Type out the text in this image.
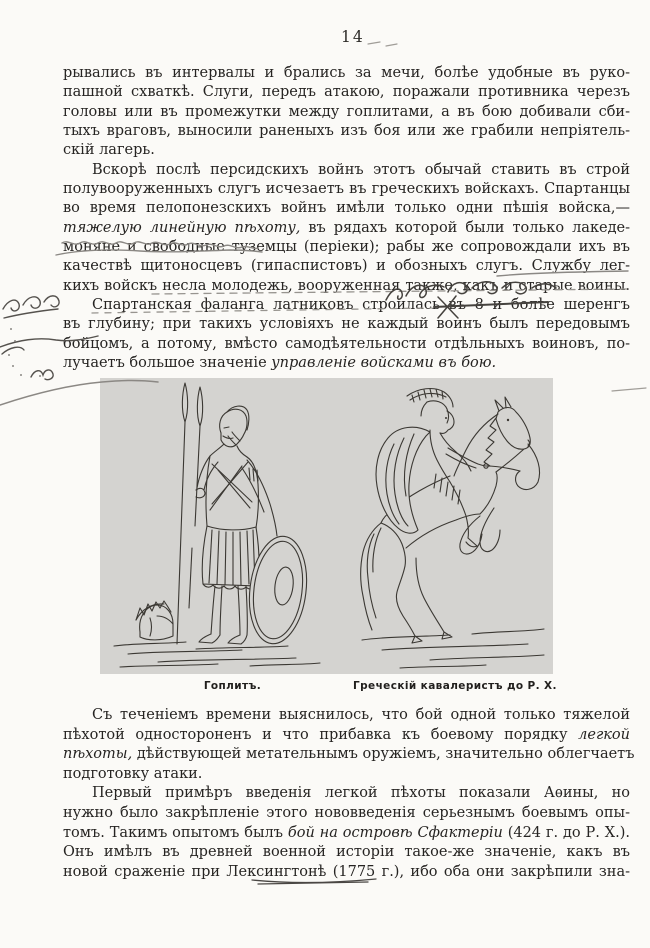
14
рывались въ интервалы и брались за мечи, болѣе удобные въ руко-
пашной схваткѣ. Слуги, передъ атакою, поражали противника черезъ
головы или въ промежутки между гоплитами, а въ бою добивали сби-
тыхъ враговъ, выносили раненыхъ изъ боя или же грабили непріятель-
скій лагерь.
Вскорѣ послѣ персидскихъ войнъ этотъ обычай ставить въ строй
полувооруженныхъ слугъ исчезаетъ въ греческихъ войскахъ. Спартанцы
во время пелопонезскихъ войнъ имѣли только одни пѣшія войска,—
тяжелую линейную пѣхоту, въ рядахъ которой были только лакеде-
моняне и свободные туземцы (періеки); рабы же сопровождали ихъ въ
качествѣ щитоносцевъ (гипаспистовъ) и обозныхъ слугъ. Службу лег-
кихъ войскъ несла молодежь, вооруженная также, какъ и старые воины.
Спартанская фаланга латниковъ строилась въ 8 и болѣе шеренгъ
въ глубину; при такихъ условіяхъ не каждый воинъ былъ передовымъ
бойцомъ, а потому, вмѣсто самодѣятельности отдѣльныхъ воиновъ, по-
лучаетъ большое значеніе управленіе войсками въ бою.
Гоплитъ.	Греческій кавалеристъ до Р. Х.
Съ теченіемъ времени выяснилось, что бой одной только тяжелой
пѣхотой одностороненъ и что прибавка къ боевому порядку легкой
пѣхоты, дѣйствующей метательнымъ оружіемъ, значительно облегчаетъ
подготовку атаки.
Первый примѣръ введенія легкой пѣхоты показали Аѳины, но
нужно было закрѣпленіе этого нововведенія серьезнымъ боевымъ опы-
томъ. Такимъ опытомъ былъ бой на островѣ Сфактеріи (424 г. до Р. Х.).
Онъ имѣлъ въ древней военной исторіи такое-же значеніе, какъ въ
новой сраженіе при Лексингтонѣ (1775 г.), ибо оба они закрѣпили зна-
